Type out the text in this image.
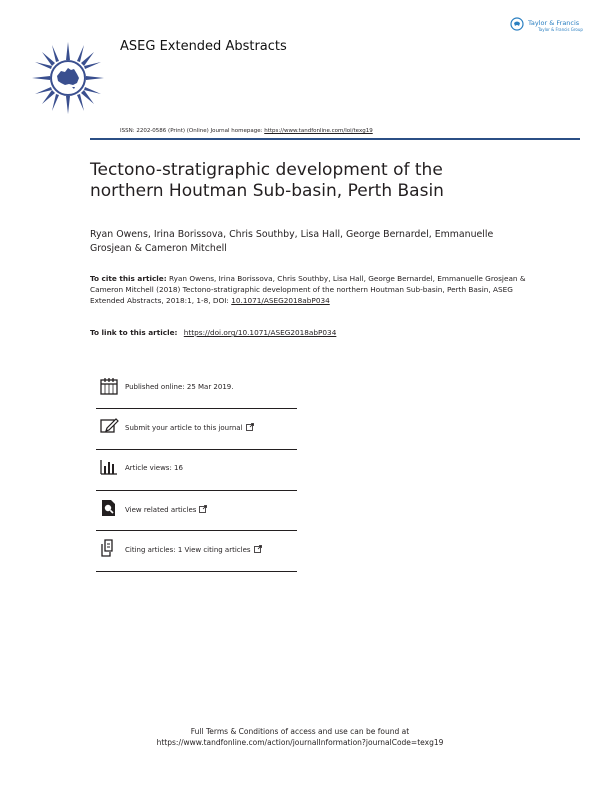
ASEG Extended Abstracts
Taylor & Francis
Taylor & Francis Group
ISSN: 2202-0586 (Print) (Online) Journal homepage: https://www.tandfonline.com/loi/texg19
Tectono-stratigraphic development of the northern Houtman Sub-basin, Perth Basin
Ryan Owens, Irina Borissova, Chris Southby, Lisa Hall, George Bernardel, Emmanuelle Grosjean & Cameron Mitchell
To cite this article: Ryan Owens, Irina Borissova, Chris Southby, Lisa Hall, George Bernardel, Emmanuelle Grosjean & Cameron Mitchell (2018) Tectono-stratigraphic development of the northern Houtman Sub-basin, Perth Basin, ASEG Extended Abstracts, 2018:1, 1-8, DOI: 10.1071/ASEG2018abP034
To link to this article: https://doi.org/10.1071/ASEG2018abP034
Published online: 25 Mar 2019.
Submit your article to this journal
Article views: 16
View related articles
Citing articles: 1 View citing articles
Full Terms & Conditions of access and use can be found at
https://www.tandfonline.com/action/journalInformation?journalCode=texg19
